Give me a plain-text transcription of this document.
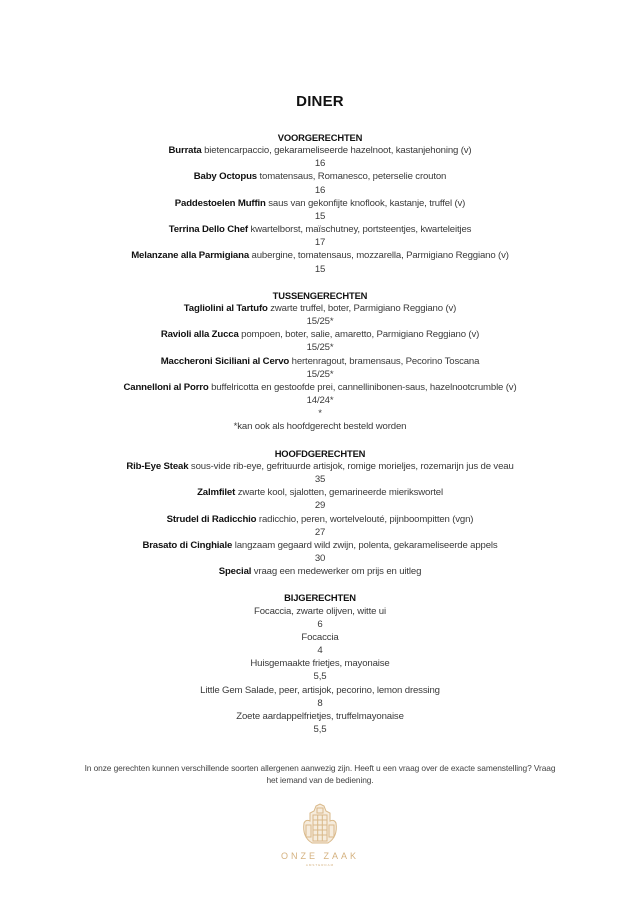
DINER
VOORGERECHTEN
Burrata bietencarpaccio, gekarameliseerde hazelnoot, kastanjehoning (v)
16
Baby Octopus tomatensaus, Romanesco, peterselie crouton
16
Paddestoelen Muffin saus van gekonfijte knoflook, kastanje, truffel (v)
15
Terrina Dello Chef kwartelborst, maïschutney, portsteentjes, kwarteleitjes
17
Melanzane alla Parmigiana aubergine, tomatensaus, mozzarella, Parmigiano Reggiano (v)
15
TUSSENGERECHTEN
Tagliolini al Tartufo zwarte truffel, boter, Parmigiano Reggiano (v)
15/25*
Ravioli alla Zucca pompoen, boter, salie, amaretto, Parmigiano Reggiano (v)
15/25*
Maccheroni Siciliani al Cervo hertenragout, bramensaus, Pecorino Toscana
15/25*
Cannelloni al Porro buffelricotta en gestoofde prei, cannellinibonen-saus, hazelnootcrumble (v)
14/24*
*
*kan ook als hoofdgerecht besteld worden
HOOFDGERECHTEN
Rib-Eye Steak sous-vide rib-eye, gefrituurde artisjok, romige morieljes, rozemarijn jus de veau
35
Zalmfilet zwarte kool, sjalotten, gemarineerde mierikswortel
29
Strudel di Radicchio radicchio, peren, wortelvelouté, pijnboompitten (vgn)
27
Brasato di Cinghiale langzaam gegaard wild zwijn, polenta, gekarameliseerde appels
30
Special vraag een medewerker om prijs en uitleg
BIJGERECHTEN
Focaccia, zwarte olijven, witte ui
6
Focaccia
4
Huisgemaakte frietjes, mayonaise
5,5
Little Gem Salade, peer, artisjok, pecorino, lemon dressing
8
Zoete aardappelfrietjes, truffelmayonaise
5,5
In onze gerechten kunnen verschillende soorten allergenen aanwezig zijn. Heeft u een vraag over de exacte samenstelling? Vraag het iemand van de bediening.
ONZE ZAAK
AMSTERDAM
